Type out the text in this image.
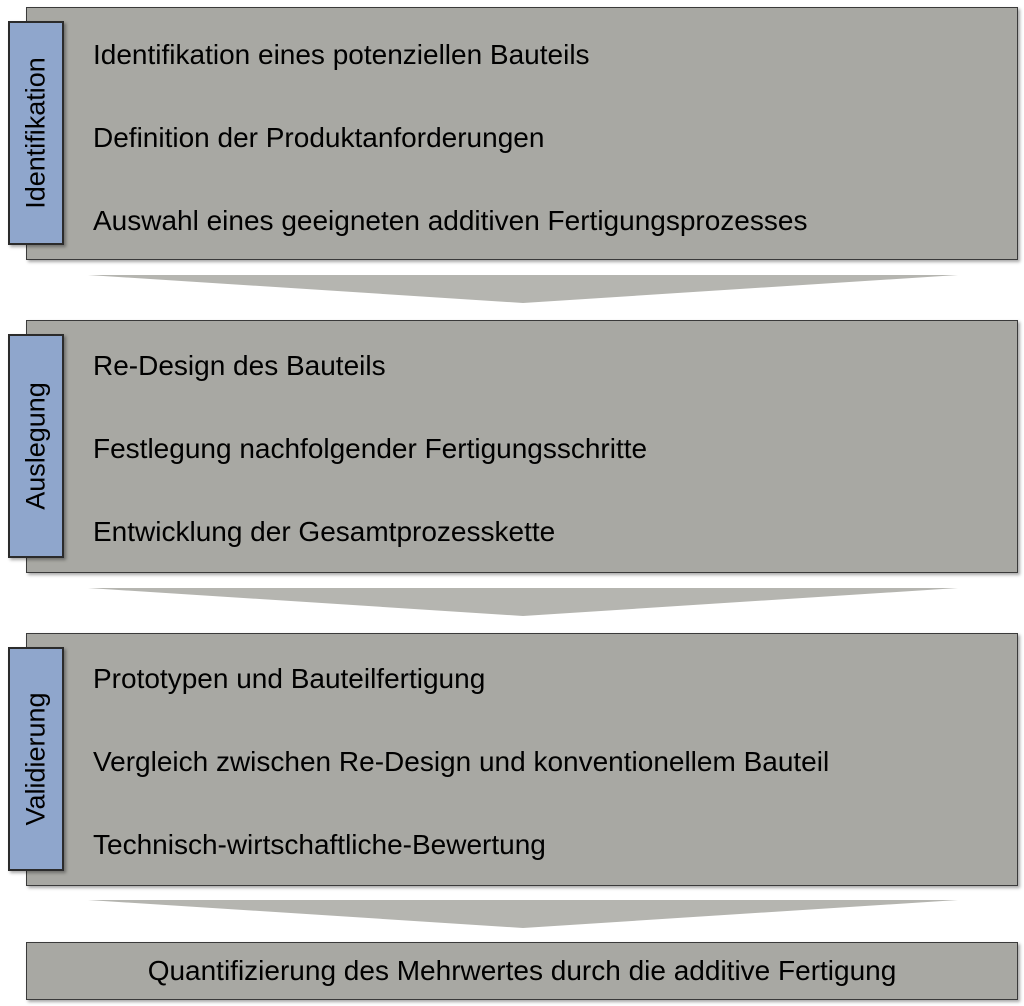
Identifikation eines potenziellen Bauteils
Definition der Produktanforderungen
Auswahl eines geeigneten additiven Fertigungsprozesses
Identifikation
Re-Design des Bauteils
Festlegung nachfolgender Fertigungsschritte
Entwicklung der Gesamtprozesskette
Auslegung
Prototypen und Bauteilfertigung
Vergleich zwischen Re-Design und konventionellem Bauteil
Technisch-wirtschaftliche-Bewertung
Validierung
Quantifizierung des Mehrwertes durch die additive Fertigung
